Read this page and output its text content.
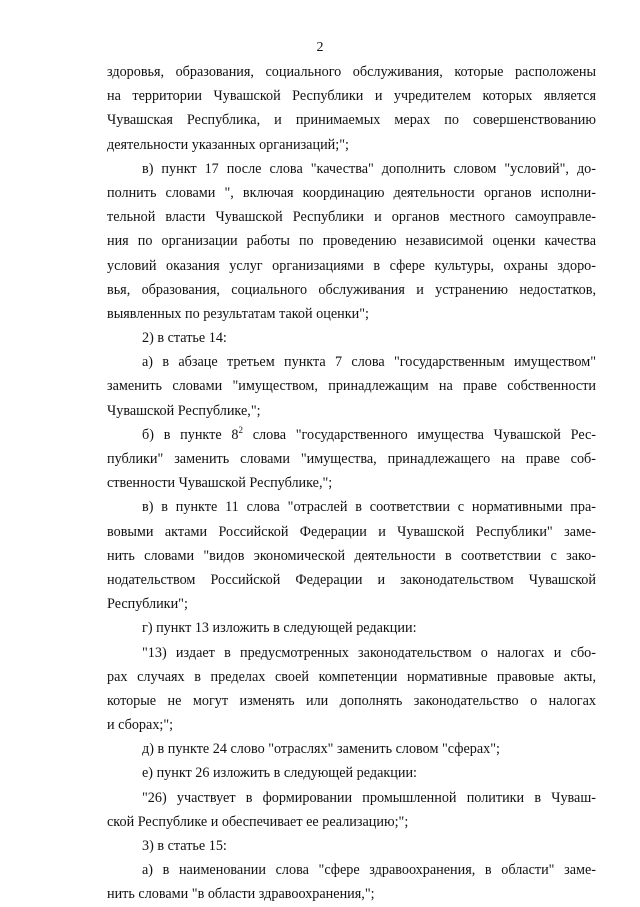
2
здоровья, образования, социального обслуживания, которые расположены
на территории Чувашской Республики и учредителем которых является
Чувашская Республика, и принимаемых мерах по совершенствованию
деятельности указанных организаций;";
в) пункт 17 после слова "качества" дополнить словом "условий", до-
полнить словами ", включая координацию деятельности органов исполни-
тельной власти Чувашской Республики и органов местного самоуправле-
ния по организации работы по проведению независимой оценки качества
условий оказания услуг организациями в сфере культуры, охраны здоро-
вья, образования, социального обслуживания и устранению недостатков,
выявленных по результатам такой оценки";
2) в статье 14:
а) в абзаце третьем пункта 7 слова "государственным имуществом"
заменить словами "имуществом, принадлежащим на праве собственности
Чувашской Республике,";
б) в пункте $8^2$ слова "государственного имущества Чувашской Рес-
публики" заменить словами "имущества, принадлежащего на праве соб-
ственности Чувашской Республике,";
в) в пункте 11 слова "отраслей в соответствии с нормативными пра-
вовыми актами Российской Федерации и Чувашской Республики" заме-
нить словами "видов экономической деятельности в соответствии с зако-
нодательством Российской Федерации и законодательством Чувашской
Республики";
г) пункт 13 изложить в следующей редакции:
"13) издает в предусмотренных законодательством о налогах и сбо-
рах случаях в пределах своей компетенции нормативные правовые акты,
которые не могут изменять или дополнять законодательство о налогах
и сборах;";
д) в пункте 24 слово "отраслях" заменить словом "сферах";
е) пункт 26 изложить в следующей редакции:
"26) участвует в формировании промышленной политики в Чуваш-
ской Республике и обеспечивает ее реализацию;";
3) в статье 15:
а) в наименовании слова "сфере здравоохранения, в области" заме-
нить словами "в области здравоохранения,";
